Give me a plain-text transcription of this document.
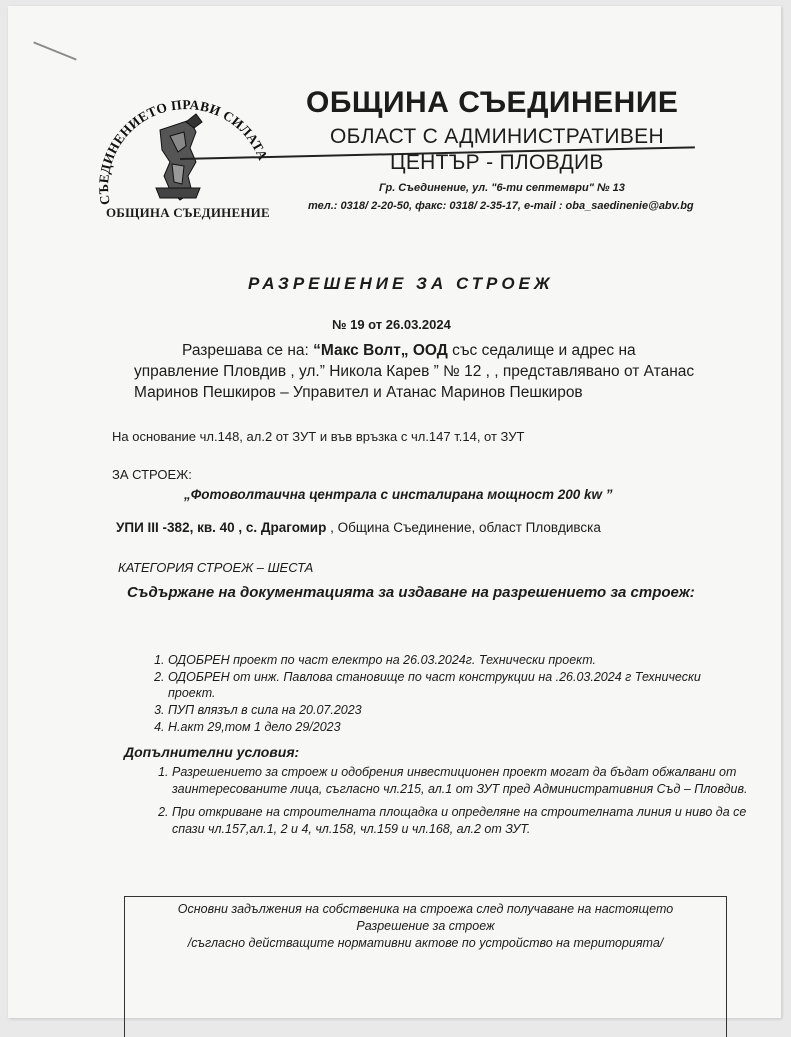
СЪЕДИНЕНИЕТО ПРАВИ СИЛАТА
ОБЩИНА СЪЕДИНЕНИЕ
ОБЩИНА СЪЕДИНЕНИЕ
ОБЛАСТ С АДМИНИСТРАТИВЕН
ЦЕНТЪР - ПЛОВДИВ
Гр. Съединение, ул. "6-ти септември" № 13
тел.: 0318/ 2-20-50, факс: 0318/ 2-35-17, e-mail : oba_saedinenie@abv.bg
РАЗРЕШЕНИЕ ЗА СТРОЕЖ
№ 19 от 26.03.2024
Разрешава се на: “Макс Волт„ ООД със седалище и адрес на управление Пловдив , ул.” Никола Карев ” № 12 , , представлявано от Атанас Маринов Пешкиров – Управител и Атанас Маринов Пешкиров
На основание чл.148, ал.2 от ЗУТ и във връзка с чл.147 т.14, от ЗУТ
ЗА СТРОЕЖ:
„Фотоволтаична централа с инсталирана мощност 200 kw ”
УПИ III -382, кв. 40 , с. Драгомир , Община Съединение, област Пловдивска
КАТЕГОРИЯ СТРОЕЖ – ШЕСТА
Съдържане на документацията за издаване на разрешението за строеж:
1. ОДОБРЕН проект по част електро на 26.03.2024г. Технически проект.
2. ОДОБРЕН от инж. Павлова становище по част конструкции на .26.03.2024 г Технически проект.
3. ПУП влязъл в сила на 20.07.2023
4. Н.акт 29,том 1 дело 29/2023
Допълнителни условия:
1. Разрешението за строеж и одобрения инвестиционен проект могат да бъдат обжалвани от заинтересованите лица, съгласно чл.215, ал.1 от ЗУТ пред Административния Съд – Пловдив.
2. При откриване на строителната площадка и определяне на строителната линия и ниво да се спази чл.157,ал.1, 2 и 4, чл.158, чл.159 и чл.168, ал.2 от ЗУТ.
Основни задължения на собственика на строежа след получаване на настоящето
Разрешение за строеж
/съгласно действащите нормативни актове по устройство на територията/
